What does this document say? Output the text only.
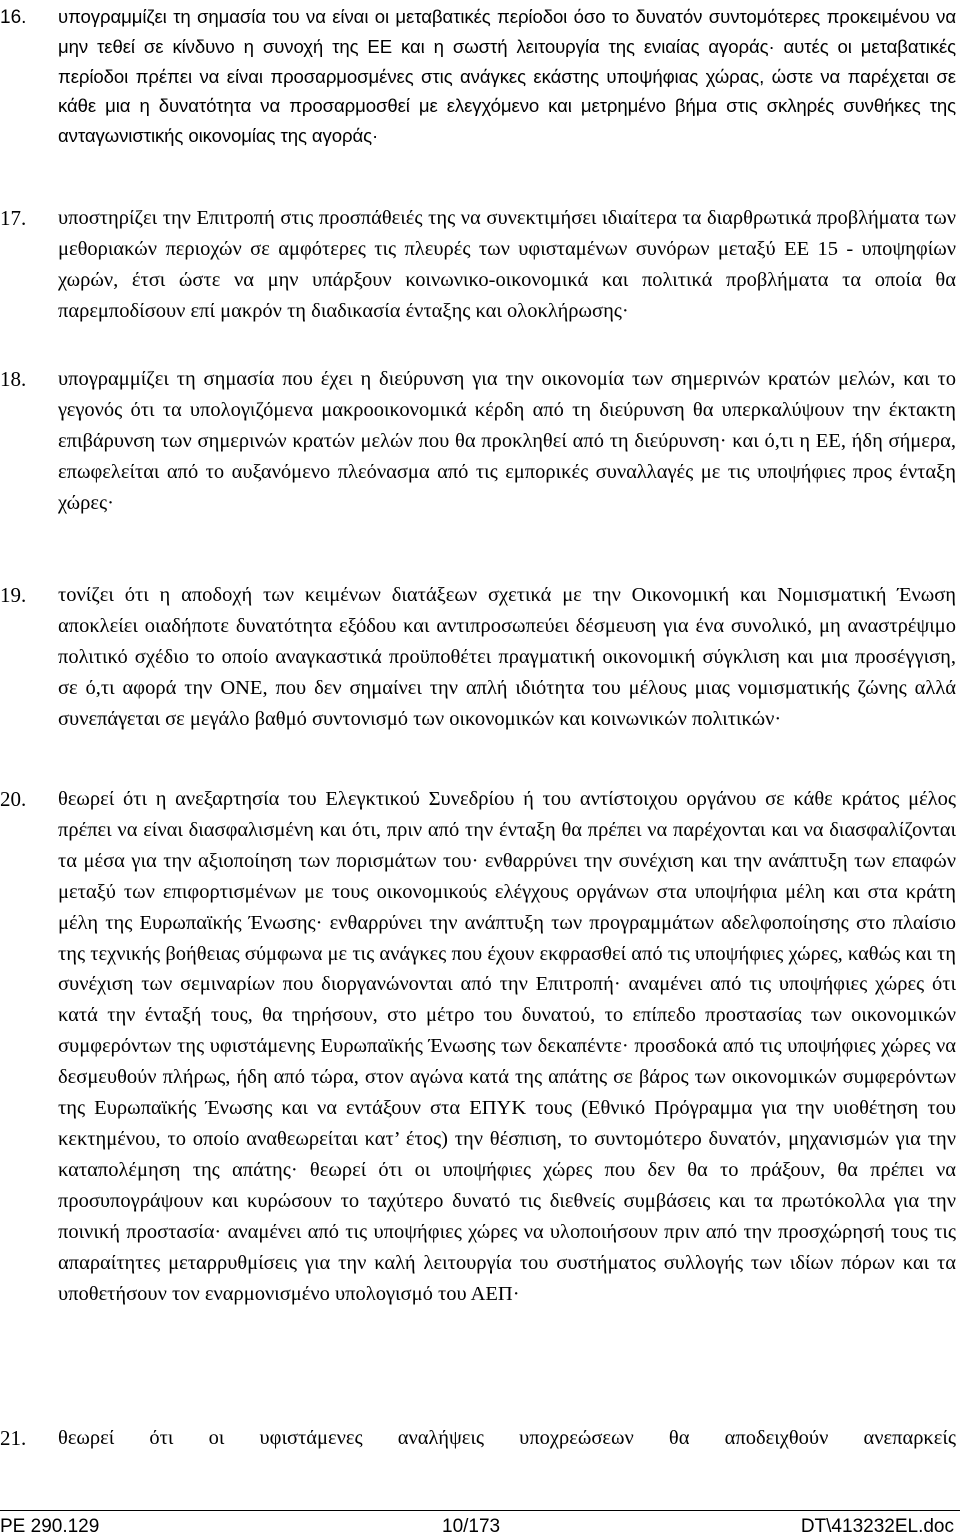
16. υπογραμμίζει τη σημασία του να είναι οι μεταβατικές περίοδοι όσο το δυνατόν συντομότερες προκειμένου να μην τεθεί σε κίνδυνο η συνοχή της ΕΕ και η σωστή λειτουργία της ενιαίας αγοράς· αυτές οι μεταβατικές περίοδοι πρέπει να είναι προσαρμοσμένες στις ανάγκες εκάστης υποψήφιας χώρας, ώστε να παρέχεται σε κάθε μια η δυνατότητα να προσαρμοσθεί με ελεγχόμενο και μετρημένο βήμα στις σκληρές συνθήκες της ανταγωνιστικής οικονομίας της αγοράς·
17. υποστηρίζει την Επιτροπή στις προσπάθειές της να συνεκτιμήσει ιδιαίτερα τα διαρθρωτικά προβλήματα των μεθοριακών περιοχών σε αμφότερες τις πλευρές των υφισταμένων συνόρων μεταξύ ΕΕ 15 - υποψηφίων χωρών, έτσι ώστε να μην υπάρξουν κοινωνικο-οικονομικά και πολιτικά προβλήματα τα οποία θα παρεμποδίσουν επί μακρόν τη διαδικασία ένταξης και ολοκλήρωσης·
18. υπογραμμίζει τη σημασία που έχει η διεύρυνση για την οικονομία των σημερινών κρατών μελών, και το γεγονός ότι τα υπολογιζόμενα μακροοικονομικά κέρδη από τη διεύρυνση θα υπερκαλύψουν την έκτακτη επιβάρυνση των σημερινών κρατών μελών που θα προκληθεί από τη διεύρυνση· και ό,τι η ΕΕ, ήδη σήμερα, επωφελείται από το αυξανόμενο πλεόνασμα από τις εμπορικές συναλλαγές με τις υποψήφιες προς ένταξη χώρες·
19. τονίζει ότι η αποδοχή των κειμένων διατάξεων σχετικά με την Οικονομική και Νομισματική Ένωση αποκλείει οιαδήποτε δυνατότητα εξόδου και αντιπροσωπεύει δέσμευση για ένα συνολικό, μη αναστρέψιμο πολιτικό σχέδιο το οποίο αναγκαστικά προϋποθέτει πραγματική οικονομική σύγκλιση και μια προσέγγιση, σε ό,τι αφορά την ΟΝΕ, που δεν σημαίνει την απλή ιδιότητα του μέλους μιας νομισματικής ζώνης αλλά συνεπάγεται σε μεγάλο βαθμό συντονισμό των οικονομικών και κοινωνικών πολιτικών·
20. θεωρεί ότι η ανεξαρτησία του Ελεγκτικού Συνεδρίου ή του αντίστοιχου οργάνου σε κάθε κράτος μέλος πρέπει να είναι διασφαλισμένη και ότι, πριν από την ένταξη θα πρέπει να παρέχονται και να διασφαλίζονται τα μέσα για την αξιοποίηση των πορισμάτων του· ενθαρρύνει την συνέχιση και την ανάπτυξη των επαφών μεταξύ των επιφορτισμένων με τους οικονομικούς ελέγχους οργάνων στα υποψήφια μέλη και στα κράτη μέλη της Ευρωπαϊκής Ένωσης· ενθαρρύνει την ανάπτυξη των προγραμμάτων αδελφοποίησης στο πλαίσιο της τεχνικής βοήθειας σύμφωνα με τις ανάγκες που έχουν εκφρασθεί από τις υποψήφιες χώρες, καθώς και τη συνέχιση των σεμιναρίων που διοργανώνονται από την Επιτροπή· αναμένει από τις υποψήφιες χώρες ότι κατά την ένταξή τους, θα τηρήσουν, στο μέτρο του δυνατού, το επίπεδο προστασίας των οικονομικών συμφερόντων της υφιστάμενης Ευρωπαϊκής Ένωσης των δεκαπέντε· προσδοκά από τις υποψήφιες χώρες να δεσμευθούν πλήρως, ήδη από τώρα, στον αγώνα κατά της απάτης σε βάρος των οικονομικών συμφερόντων της Ευρωπαϊκής Ένωσης και να εντάξουν στα ΕΠΥΚ τους (Εθνικό Πρόγραμμα για την υιοθέτηση του κεκτημένου, το οποίο αναθεωρείται κατ’ έτος) την θέσπιση, το συντομότερο δυνατόν, μηχανισμών για την καταπολέμηση της απάτης· θεωρεί ότι οι υποψήφιες χώρες που δεν θα το πράξουν, θα πρέπει να προσυπογράψουν και κυρώσουν το ταχύτερο δυνατό τις διεθνείς συμβάσεις και τα πρωτόκολλα για την ποινική προστασία· αναμένει από τις υποψήφιες χώρες να υλοποιήσουν πριν από την προσχώρησή τους τις απαραίτητες μεταρρυθμίσεις για την καλή λειτουργία του συστήματος συλλογής των ιδίων πόρων και τα υποθετήσουν τον εναρμονισμένο υπολογισμό του ΑΕΠ·
21. θεωρεί ότι οι υφιστάμενες αναλήψεις υποχρεώσεων θα αποδειχθούν ανεπαρκείς
PE 290.129	10/173	DT\413232EL.doc
